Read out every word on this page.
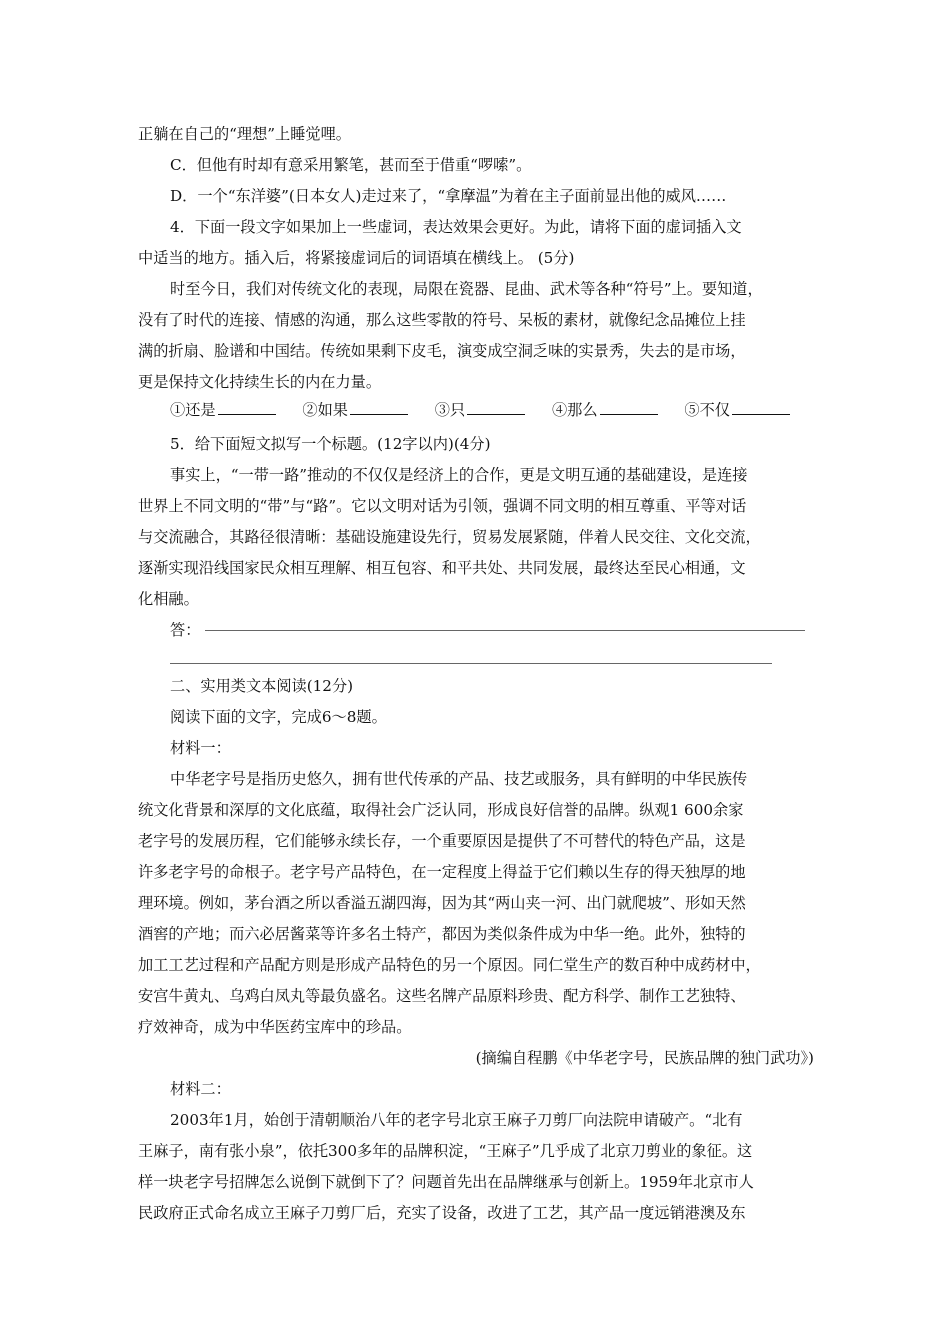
正躺在自己的“理想”上睡觉哩。
C．但他有时却有意采用繁笔，甚而至于借重“啰嗦”。
D．一个“东洋婆”(日本女人)走过来了，“拿摩温”为着在主子面前显出他的威风……
4．下面一段文字如果加上一些虚词，表达效果会更好。为此，请将下面的虚词插入文
中适当的地方。插入后，将紧接虚词后的词语填在横线上。 (5分)
时至今日，我们对传统文化的表现，局限在瓷器、昆曲、武术等各种“符号”上。要知道，
没有了时代的连接、情感的沟通，那么这些零散的符号、呆板的素材，就像纪念品摊位上挂
满的折扇、脸谱和中国结。传统如果剩下皮毛，演变成空洞乏味的实景秀，失去的是市场，
更是保持文化持续生长的内在力量。
5．给下面短文拟写一个标题。(12字以内)(4分)
事实上，“一带一路”推动的不仅仅是经济上的合作，更是文明互通的基础建设，是连接
世界上不同文明的“带”与“路”。它以文明对话为引领，强调不同文明的相互尊重、平等对话
与交流融合，其路径很清晰：基础设施建设先行，贸易发展紧随，伴着人民交往、文化交流，
逐渐实现沿线国家民众相互理解、相互包容、和平共处、共同发展，最终达至民心相通，文
化相融。
答：
二、实用类文本阅读(12分)
阅读下面的文字，完成6～8题。
材料一：
中华老字号是指历史悠久，拥有世代传承的产品、技艺或服务，具有鲜明的中华民族传
统文化背景和深厚的文化底蕴，取得社会广泛认同，形成良好信誉的品牌。纵观1 600余家
老字号的发展历程，它们能够永续长存，一个重要原因是提供了不可替代的特色产品，这是
许多老字号的命根子。老字号产品特色，在一定程度上得益于它们赖以生存的得天独厚的地
理环境。例如，茅台酒之所以香溢五湖四海，因为其“两山夹一河、出门就爬坡”、形如天然
酒窖的产地；而六必居酱菜等许多名土特产，都因为类似条件成为中华一绝。此外，独特的
加工工艺过程和产品配方则是形成产品特色的另一个原因。同仁堂生产的数百种中成药材中，
安宫牛黄丸、乌鸡白凤丸等最负盛名。这些名牌产品原料珍贵、配方科学、制作工艺独特、
疗效神奇，成为中华医药宝库中的珍品。
材料二：
2003年1月，始创于清朝顺治八年的老字号北京王麻子刀剪厂向法院申请破产。“北有
王麻子，南有张小泉”，依托300多年的品牌积淀，“王麻子”几乎成了北京刀剪业的象征。这
样一块老字号招牌怎么说倒下就倒下了？问题首先出在品牌继承与创新上。1959年北京市人
民政府正式命名成立王麻子刀剪厂后，充实了设备，改进了工艺，其产品一度远销港澳及东
①还是	②如果	③只	④那么	⑤不仅
(摘编自程鹏《中华老字号，民族品牌的独门武功》)
